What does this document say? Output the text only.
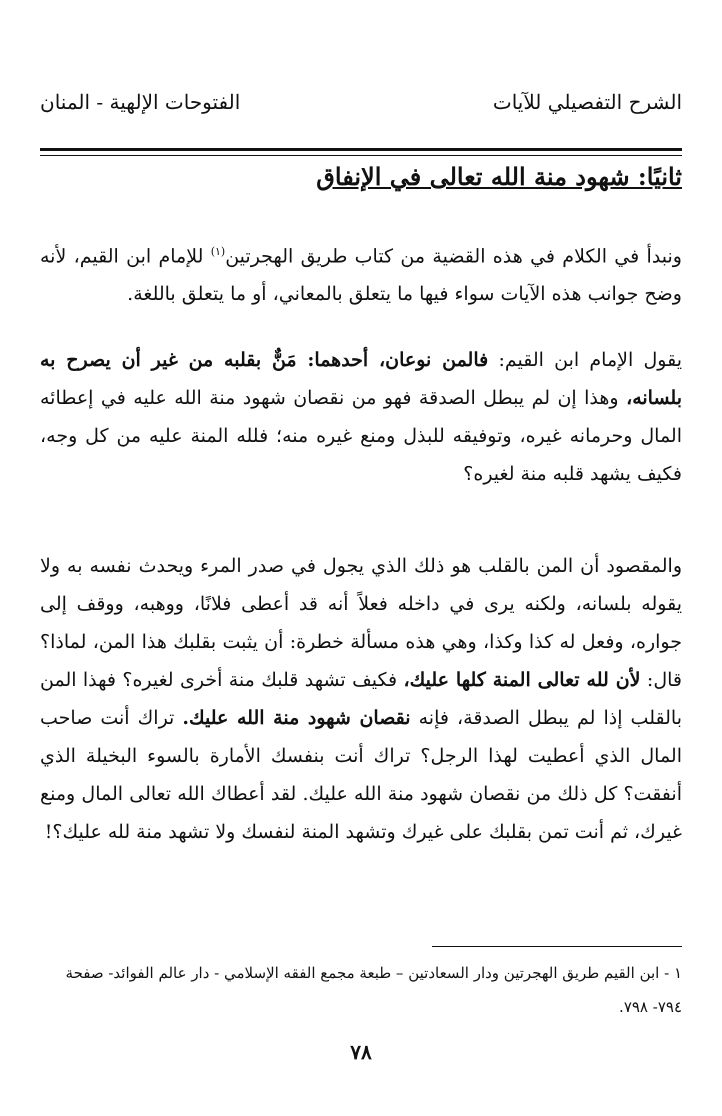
الشرح التفصيلي للآيات
الفتوحات الإلهية - المنان
ثانيًا: شهود منة الله تعالى في الإنفاق

ونبدأ في الكلام في هذه القضية من كتاب طريق الهجرتين$^{(١)}$ للإمام ابن القيم، لأنه وضح جوانب هذه الآيات سواء فيها ما يتعلق بالمعاني، أو ما يتعلق باللغة.

يقول الإمام ابن القيم: فالمن نوعان، أحدهما: مَنٌّ بقلبه من غير أن يصرح به بلسانه، وهذا إن لم يبطل الصدقة فهو من نقصان شهود منة الله عليه في إعطائه المال وحرمانه غيره، وتوفيقه للبذل ومنع غيره منه؛ فلله المنة عليه من كل وجه، فكيف يشهد قلبه منة لغيره؟

والمقصود أن المن بالقلب هو ذلك الذي يجول في صدر المرء ويحدث نفسه به ولا يقوله بلسانه، ولكنه يرى في داخله فعلاً أنه قد أعطى فلانًا، ووهبه، ووقف إلى جواره، وفعل له كذا وكذا، وهي هذه مسألة خطرة: أن يثبت بقلبك هذا المن، لماذا؟ قال: لأن لله تعالى المنة كلها عليك، فكيف تشهد قلبك منة أخرى لغيره؟ فهذا المن بالقلب إذا لم يبطل الصدقة، فإنه نقصان شهود منة الله عليك. تراك أنت صاحب المال الذي أعطيت لهذا الرجل؟ تراك أنت بنفسك الأمارة بالسوء البخيلة الذي أنفقت؟ كل ذلك من نقصان شهود منة الله عليك. لقد أعطاك الله تعالى المال ومنع غيرك، ثم أنت تمن بقلبك على غيرك وتشهد المنة لنفسك ولا تشهد منة لله عليك؟!

١ - ابن القيم طريق الهجرتين ودار السعادتين – طبعة مجمع الفقه الإسلامي - دار عالم الفوائد- صفحة ٧٩٤- ٧٩٨.
٧٨
